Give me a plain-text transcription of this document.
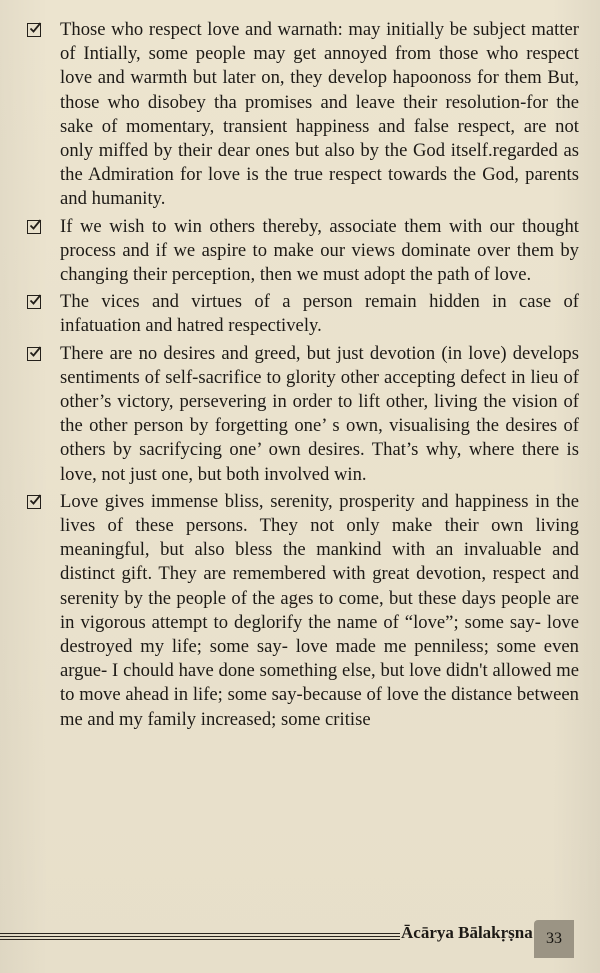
Those who respect love and warnath: may initially be subject matter of Intially, some people may get annoyed from those who respect love and warmth but later on, they develop hapoonoss for them But, those who disobey tha promises and leave their resolution-for the sake of momentary, transient happiness and false respect, are not only miffed by their dear ones but also by the God itself.regarded as the Admiration for love is the true respect towards the God, parents and humanity.
If we wish to win others thereby, associate them with our thought process and if we aspire to make our views dominate over them by changing their perception, then we must adopt the path of love.
The vices and virtues of a person remain hidden in case of infatuation and hatred respectively.
There are no desires and greed, but just devotion (in love) develops sentiments of self-sacrifice to glority other accepting defect in lieu of other’s victory, persevering in order to lift other, living the vision of the other person by forgetting one’ s own, visualising the desires of others by sacrifycing one’ own desires. That’s why, where there is love, not just one, but both involved win.
Love gives immense bliss, serenity, prosperity and happiness in the lives of these persons. They not only make their own living meaningful, but also bless the mankind with an invaluable and distinct gift. They are remembered with great devotion, respect and serenity by the people of the ages to come, but these days people are in vigorous attempt to deglorify the name of “love”; some say- love destroyed my life; some say- love made me penniless; some even argue- I chould have done something else, but love didn't allowed me to move ahead in life; some say-because of love the distance between me and my family increased; some critise
Ācārya Bālakṛṣna 33
